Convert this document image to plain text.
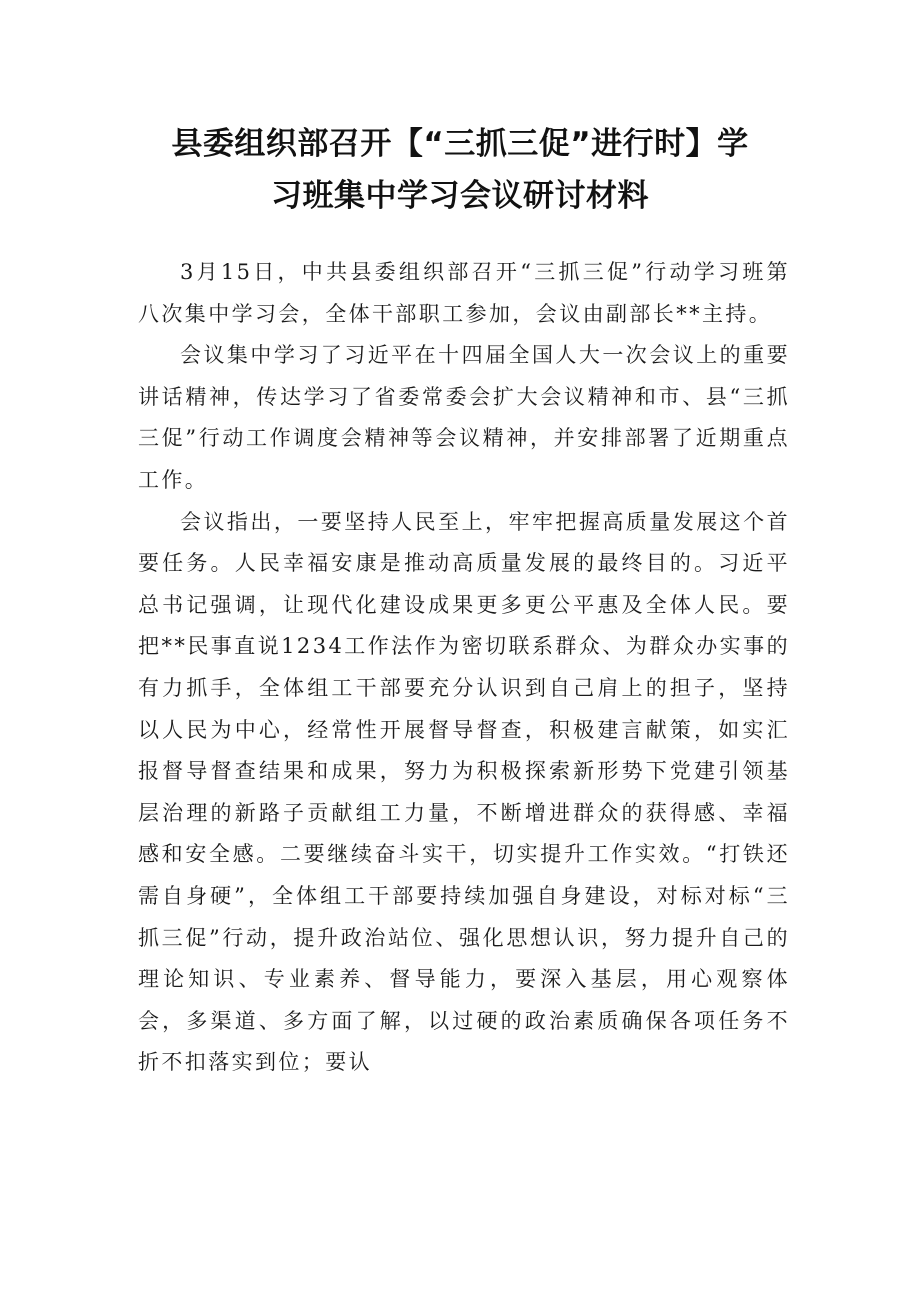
县委组织部召开【“三抓三促”进行时】学
习班集中学习会议研讨材料

3月15日，中共县委组织部召开“三抓三促”行动学习班第八次集中学习会，全体干部职工参加，会议由副部长**主持。

会议集中学习了习近平在十四届全国人大一次会议上的重要讲话精神，传达学习了省委常委会扩大会议精神和市、县“三抓三促”行动工作调度会精神等会议精神，并安排部署了近期重点工作。

会议指出，一要坚持人民至上，牢牢把握高质量发展这个首要任务。人民幸福安康是推动高质量发展的最终目的。习近平总书记强调，让现代化建设成果更多更公平惠及全体人民。要把**民事直说1234工作法作为密切联系群众、为群众办实事的有力抓手，全体组工干部要充分认识到自己肩上的担子，坚持以人民为中心，经常性开展督导督查，积极建言献策，如实汇报督导督查结果和成果，努力为积极探索新形势下党建引领基层治理的新路子贡献组工力量，不断增进群众的获得感、幸福感和安全感。二要继续奋斗实干，切实提升工作实效。“打铁还需自身硬”，全体组工干部要持续加强自身建设，对标对标“三抓三促”行动，提升政治站位、强化思想认识，努力提升自己的理论知识、专业素养、督导能力，要深入基层，用心观察体会，多渠道、多方面了解，以过硬的政治素质确保各项任务不折不扣落实到位；要认
